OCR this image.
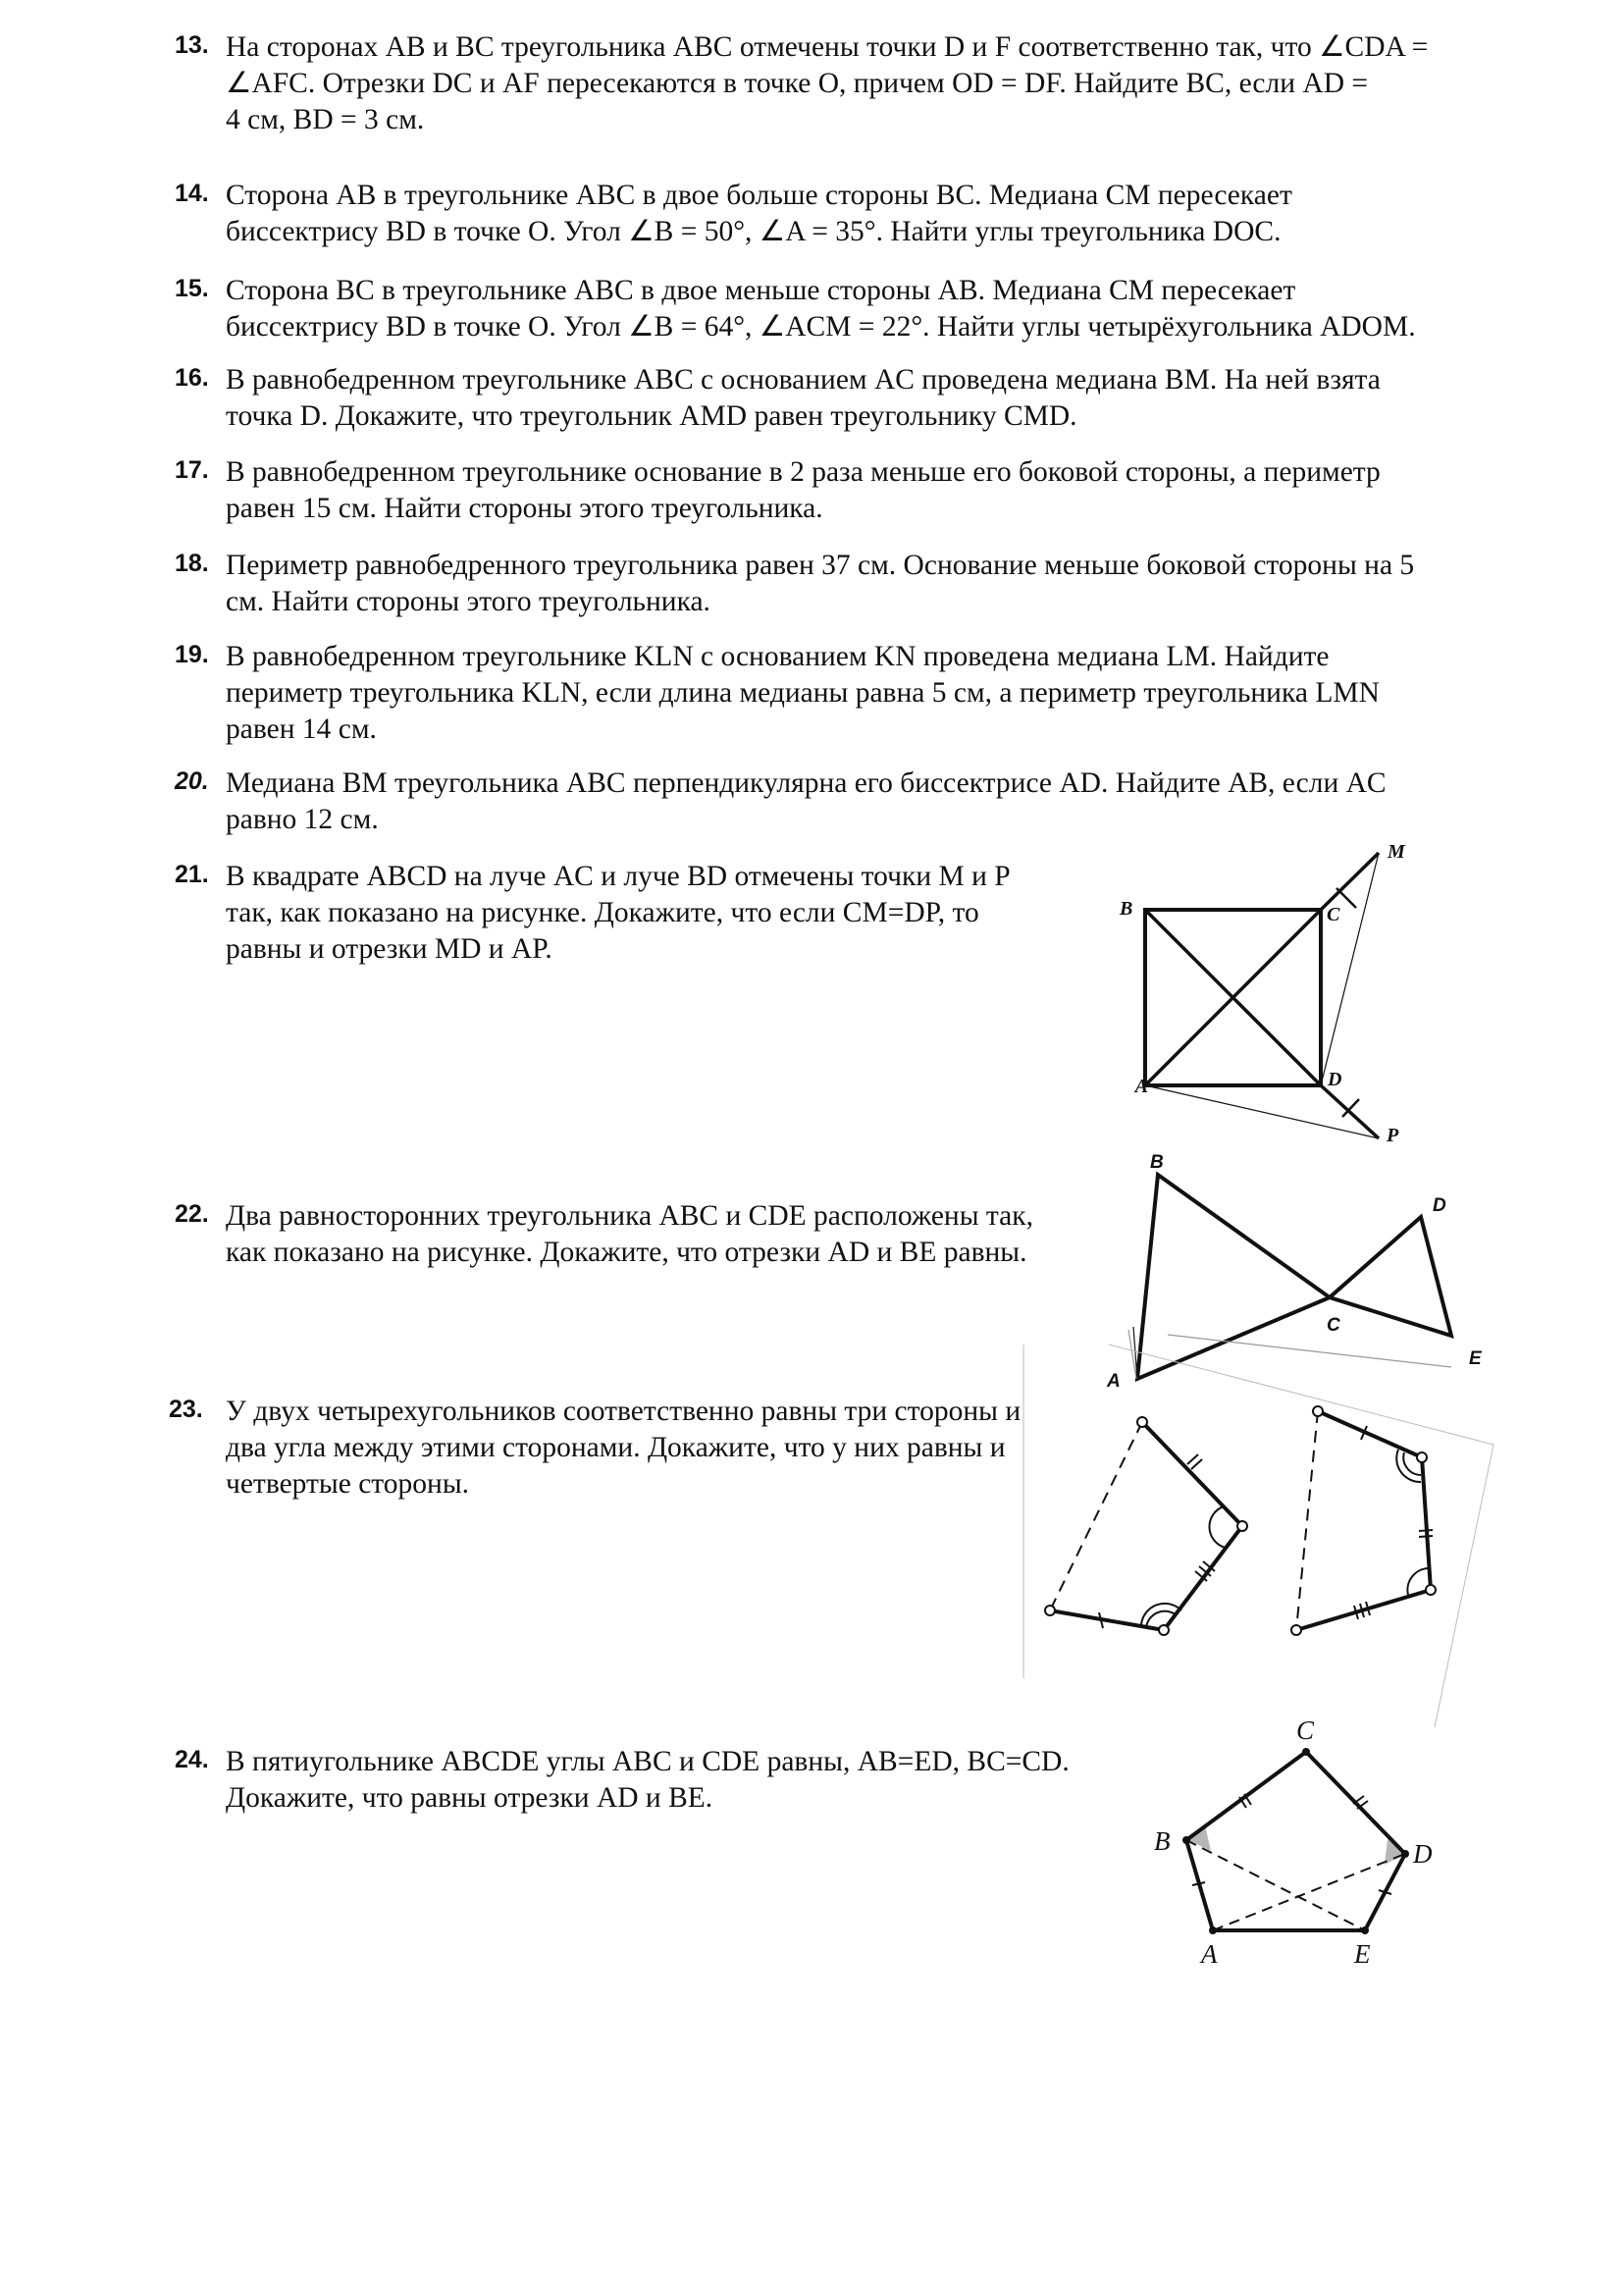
13. На сторонах AB и BC треугольника ABC отмечены точки D и F соответственно так, что ∠CDA =
∠AFC. Отрезки DC и AF пересекаются в точке O, причем OD = DF. Найдите BC, если AD =
4 см, BD = 3 см.
14. Сторона AB в треугольнике ABC в двое больше стороны BC. Медиана CM пересекает
биссектрису BD в точке O. Угол ∠B = 50°, ∠A = 35°. Найти углы треугольника DOC.
15. Сторона BC в треугольнике ABC в двое меньше стороны AB. Медиана CM пересекает
биссектрису BD в точке O. Угол ∠B = 64°, ∠ACM = 22°. Найти углы четырёхугольника ADOM.
16. В равнобедренном треугольнике ABC с основанием AC проведена медиана BM. На ней взята
точка D. Докажите, что треугольник AMD равен треугольнику CMD.
17. В равнобедренном треугольнике основание в 2 раза меньше его боковой стороны, а периметр
равен 15 см. Найти стороны этого треугольника.
18. Периметр равнобедренного треугольника равен 37 см. Основание меньше боковой стороны на 5
см. Найти стороны этого треугольника.
19. В равнобедренном треугольнике KLN с основанием KN проведена медиана LM. Найдите
периметр треугольника KLN, если длина медианы равна 5 см, а периметр треугольника LMN
равен 14 см.
20. Медиана BM треугольника ABC перпендикулярна его биссектрисе AD. Найдите AB, если AC
равно 12 см.
21. В квадрате ABCD на луче AC и луче BD отмечены точки M и P
так, как показано на рисунке. Докажите, что если CM=DP, то
равны и отрезки MD и AP.
22. Два равносторонних треугольника ABC и CDE расположены так,
как показано на рисунке. Докажите, что отрезки AD и BE равны.
23. У двух четырехугольников соответственно равны три стороны и
два угла между этими сторонами. Докажите, что у них равны и
четвертые стороны.
24. В пятиугольнике ABCDE углы ABC и CDE равны, AB=ED, BC=CD.
Докажите, что равны отрезки AD и BE.
B	C
M
A	D
P
B
D
C
E
A
C
B	D
A	E
